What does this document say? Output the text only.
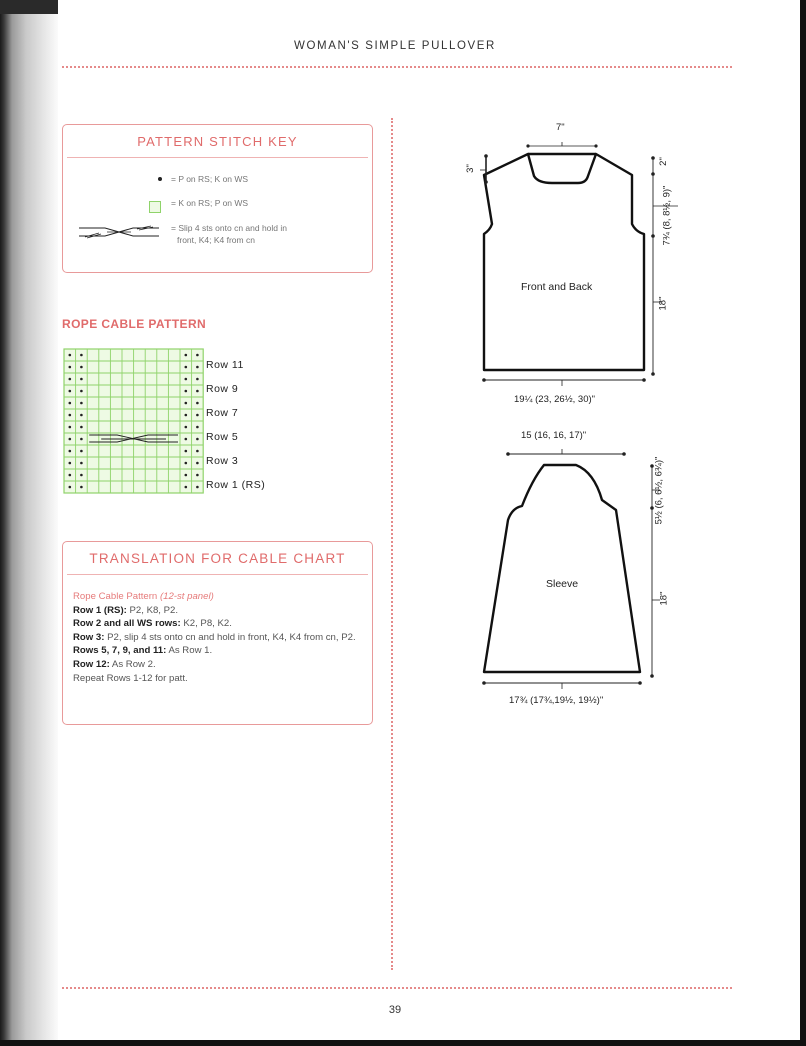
WOMAN'S SIMPLE PULLOVER
39
PATTERN STITCH KEY
= P on RS; K on WS
= K on RS; P on WS
= Slip 4 sts onto cn and hold in
front, K4; K4 from cn
ROPE CABLE PATTERN
Row 11
Row 9
Row 7
Row 5
Row 3
Row 1 (RS)
TRANSLATION FOR CABLE CHART

Rope Cable Pattern (12-st panel)

Row 1 (RS): P2, K8, P2.

Row 2 and all WS rows: K2, P8, K2.

Row 3: P2, slip 4 sts onto cn and hold in front, K4, K4 from cn, P2.

Rows 5, 7, 9, and 11: As Row 1.

Row 12: As Row 2.

Repeat Rows 1-12 for patt.

Front and Back
7"
3"
2"
7¾ (8, 8½, 9)"
18"
19¼ (23, 26½, 30)"
Sleeve
15 (16, 16, 17)"
5½ (6, 6½, 6¾)"
18"
17¾ (17¾,19½, 19½)"
